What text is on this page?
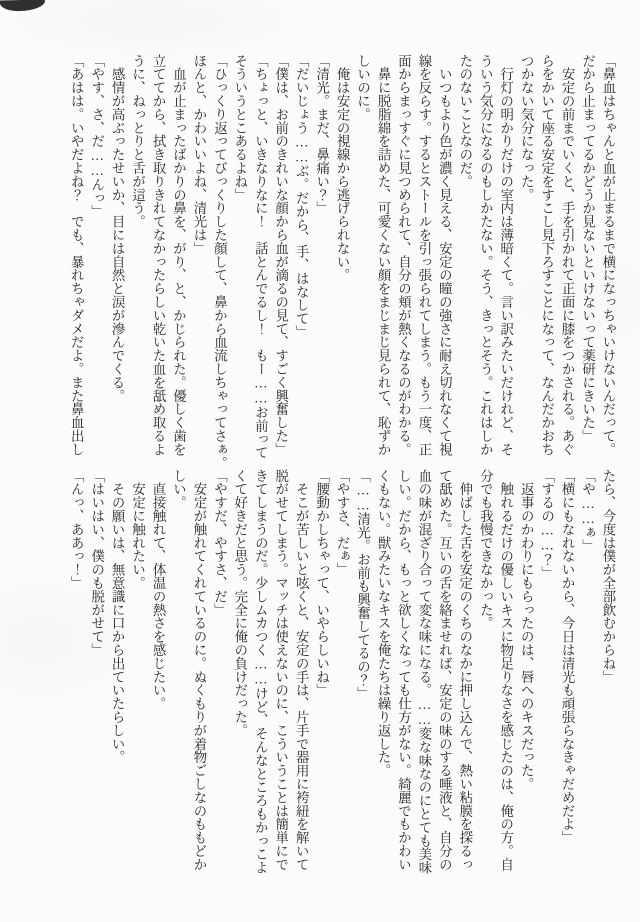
「鼻血はちゃんと血が止まるまで横になっちゃいけないんだって。
だから止まってるかどうか見ないといけないって薬研にきいた」
　安定の前までいくと、手を引かれて正面に膝をつかされる。あぐ
らをかいて座る安定をすこし見下ろすことになって、なんだかおち
つかない気分になった。
　行灯の明かりだけの室内は薄暗くて。言い訳みたいだけれど、そ
ういう気分になるのもしかたない。そう、きっとそう。これはしか
たのないことなのだ。
　いつもより色が濃く見える、安定の瞳の強さに耐え切れなくて視
線を反らす。するとストールを引っ張られてしまう。もう一度、正
面からまっすぐに見つめられて、自分の頬が熱くなるのがわかる。
　鼻に脱脂綿を詰めた、可愛くない顔をまじまじ見られて、恥ずか
しいのに。
　俺は安定の視線から逃げられない。
「清光。まだ、鼻痛い？」
「だいじょう……ぶ。だから、手、はなして」
「僕は、お前のきれいな顔から血が滴るの見て、すごく興奮した」
「ちょっと、いきなりなに！　話とんでるし！　もー……お前って
そういうとこあるよね」
「ひっくり返ってびっくりした顔して、鼻から血流しちゃってさぁ。
ほんと、かわいいよね、清光は」
　血が止まったばかりの鼻を、がり、と、かじられた。優しく歯を
立ててから、拭き取りきれてなかったらしい乾いた血を舐め取るよ
うに、ねっとりと舌が這う。
　感情が高ぶったせいか、目には自然と涙が滲んでくる。
「やす、さ、だ……んっ」
「あはは。いやだよね？　でも、暴れちゃダメだよ。また鼻血出し
たら、今度は僕が全部飲むからね」
「や……ぁ」
「横にもなれないから、今日は清光も頑張らなきゃだめだよ」
「するの……？」
　返事のかわりにもらったのは、唇へのキスだった。
　触れるだけの優しいキスに物足りなさを感じたのは、俺の方。自
分でも我慢できなかった。
　伸ばした舌を安定のくちのなかに押し込んで、熱い粘膜を探るっ
て舐めた。互いの舌を絡ませれば、安定の味のする唾液と、自分の
血の味が混ざり合って変な味になる。……変な味なのにとても美味
しい。だから、もっと欲しくなっても仕方がない。綺麗でもかわい
くもない。獣みたいなキスを俺たちは繰り返した。
「……清光。お前も興奮してるの？」
「やすさ、だぁ」
「腰動かしちゃって、いやらしいね」
　そこが苦しいと呟くと、安定の手は、片手で器用に袴紐を解いて
脱がせてしまう。マッチは使えないのに、こういうことは簡単にで
きてしまうのだ。少しムカつく……けど、そんなところもかっこよ
くて好きだと思う。完全に俺の負けだった。
「やすだ、やすさ、だ」
　安定が触れてくれているのに。ぬくもりが着物ごしなのももどか
しい。
　直接触れて、体温の熱さを感じたい。
　安定に触れたい。
　その願いは、無意識に口から出ていたらしい。
「はいはい、僕のも脱がせて」
「んっ、ああっ！」
